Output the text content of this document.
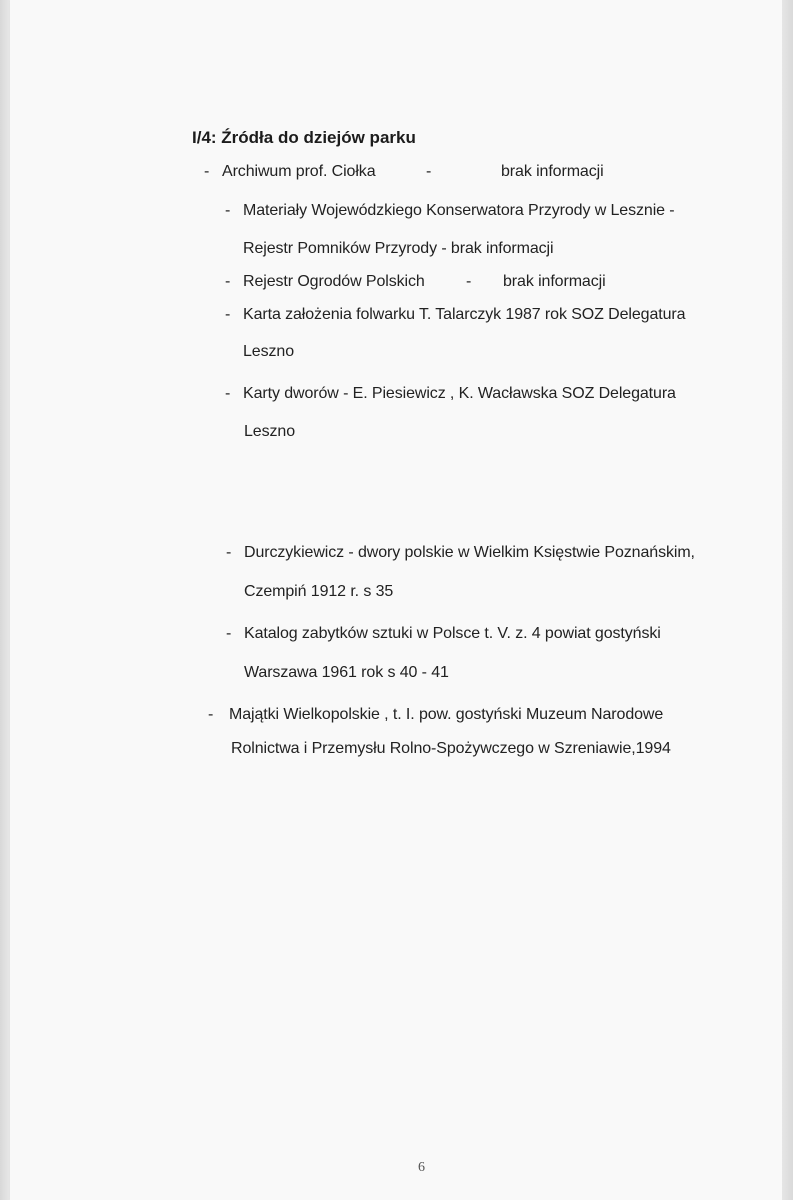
I/4: Źródła do dziejów parku
- Archiwum prof. Ciołka	-	brak informacji
- Materiały Wojewódzkiego Konserwatora Przyrody w Lesznie -
Rejestr Pomników Przyrody - brak informacji
- Rejestr Ogrodów Polskich	- brak informacji
- Karta założenia folwarku T. Talarczyk 1987 rok SOZ Delegatura
Leszno
- Karty dworów - E. Piesiewicz , K. Wacławska SOZ Delegatura
Leszno
- Durczykiewicz - dwory polskie w Wielkim Księstwie Poznańskim,
Czempiń 1912 r. s 35
- Katalog zabytków sztuki w Polsce t. V. z. 4 powiat gostyński
Warszawa 1961 rok s 40 - 41
- Majątki Wielkopolskie , t. I. pow. gostyński Muzeum Narodowe
Rolnictwa i Przemysłu Rolno-Spożywczego w Szreniawie,1994
6
